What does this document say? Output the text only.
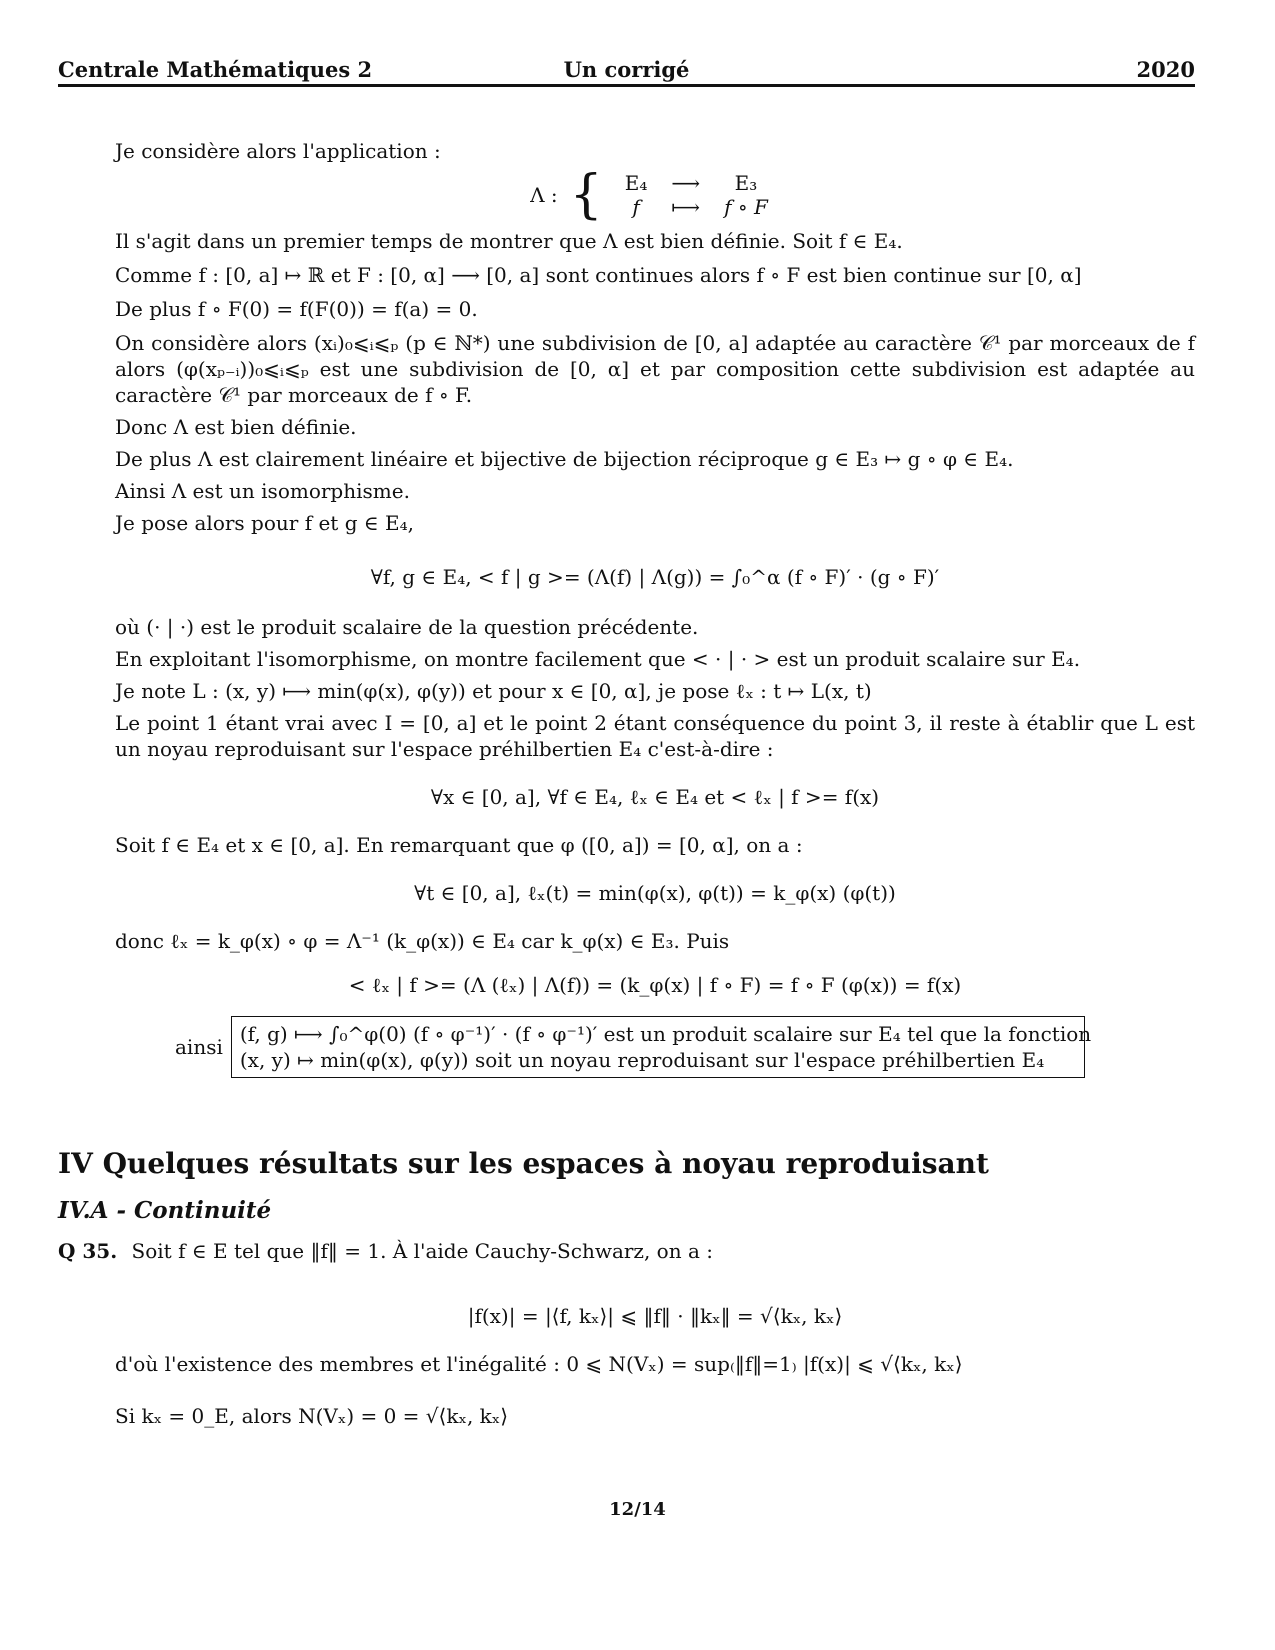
Centrale Mathématiques 2	Un corrigé	2020

Je considère alors l'application :

Λ : { E₄	⟶	E₃
f	⟼	f ∘ F

Il s'agit dans un premier temps de montrer que Λ est bien définie. Soit f ∈ E₄.

Comme f : [0, a] ↦ ℝ et F : [0, α] ⟶ [0, a] sont continues alors f ∘ F est bien continue sur [0, α]

De plus f ∘ F(0) = f(F(0)) = f(a) = 0.

On considère alors (xᵢ)₀⩽ᵢ⩽ₚ (p ∈ ℕ*) une subdivision de [0, a] adaptée au caractère 𝒞¹ par morceaux de f alors (φ(xₚ₋ᵢ))₀⩽ᵢ⩽ₚ est une subdivision de [0, α] et par composition cette subdivision est adaptée au caractère 𝒞¹ par morceaux de f ∘ F.

Donc Λ est bien définie.

De plus Λ est clairement linéaire et bijective de bijection réciproque g ∈ E₃ ↦ g ∘ φ ∈ E₄.

Ainsi Λ est un isomorphisme.

Je pose alors pour f et g ∈ E₄,

∀f, g ∈ E₄, < f | g >= (Λ(f) | Λ(g)) = ∫₀^α (f ∘ F)′ · (g ∘ F)′

où (· | ·) est le produit scalaire de la question précédente.

En exploitant l'isomorphisme, on montre facilement que < · | · > est un produit scalaire sur E₄.

Je note L : (x, y) ⟼ min(φ(x), φ(y)) et pour x ∈ [0, α], je pose ℓₓ : t ↦ L(x, t)

Le point 1 étant vrai avec I = [0, a] et le point 2 étant conséquence du point 3, il reste à établir que L est un noyau reproduisant sur l'espace préhilbertien E₄ c'est-à-dire :

∀x ∈ [0, a], ∀f ∈ E₄, ℓₓ ∈ E₄ et < ℓₓ | f >= f(x)

Soit f ∈ E₄ et x ∈ [0, a]. En remarquant que φ ([0, a]) = [0, α], on a :

∀t ∈ [0, a], ℓₓ(t) = min(φ(x), φ(t)) = k_φ(x) (φ(t))

donc ℓₓ = k_φ(x) ∘ φ = Λ⁻¹ (k_φ(x)) ∈ E₄ car k_φ(x) ∈ E₃. Puis

< ℓₓ | f >= (Λ (ℓₓ) | Λ(f)) = (k_φ(x) | f ∘ F) = f ∘ F (φ(x)) = f(x)
ainsi
(f, g) ⟼ ∫₀^φ(0) (f ∘ φ⁻¹)′ · (f ∘ φ⁻¹)′ est un produit scalaire sur E₄ tel que la fonction
(x, y) ↦ min(φ(x), φ(y)) soit un noyau reproduisant sur l'espace préhilbertien E₄
IV Quelques résultats sur les espaces à noyau reproduisant
IV.A - Continuité
Q 35. Soit f ∈ E tel que ‖f‖ = 1. À l'aide Cauchy-Schwarz, on a :
|f(x)| = |⟨f, kₓ⟩| ⩽ ‖f‖ · ‖kₓ‖ = √⟨kₓ, kₓ⟩

d'où l'existence des membres et l'inégalité : 0 ⩽ N(Vₓ) = sup₍‖f‖=1₎ |f(x)| ⩽ √⟨kₓ, kₓ⟩

Si kₓ = 0_E, alors N(Vₓ) = 0 = √⟨kₓ, kₓ⟩

12/14
